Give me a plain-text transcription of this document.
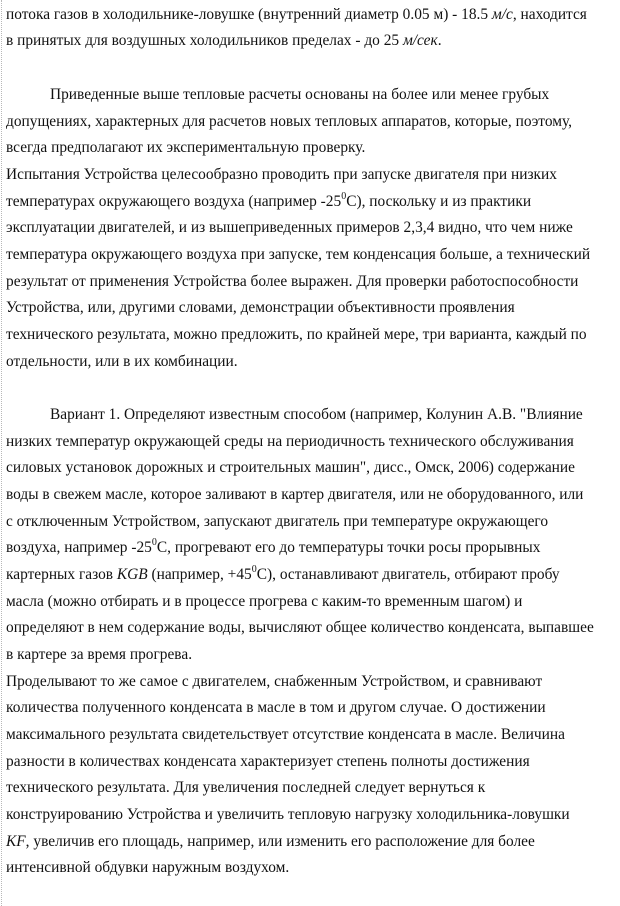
потока газов в холодильнике-ловушке (внутренний диаметр 0.05 м) - 18.5 м/с, находится
в принятых для воздушных холодильников пределах - до 25 м/сек.
Приведенные выше тепловые расчеты основаны на более или менее грубых
допущениях, характерных для расчетов новых тепловых аппаратов, которые, поэтому,
всегда предполагают их экспериментальную проверку.
Испытания Устройства целесообразно проводить при запуске двигателя при низких
температурах окружающего воздуха (например $-25^0С$), поскольку и из практики
эксплуатации двигателей, и из вышеприведенных примеров 2,3,4 видно, что чем ниже
температура окружающего воздуха при запуске, тем конденсация больше, а технический
результат от применения Устройства более выражен. Для проверки работоспособности
Устройства, или, другими словами, демонстрации объективности проявления
технического результата, можно предложить, по крайней мере, три варианта, каждый по
отдельности, или в их комбинации.
Вариант 1. Определяют известным способом (например, Колунин А.В. "Влияние
низких температур окружающей среды на периодичность технического обслуживания
силовых установок дорожных и строительных машин", дисс., Омск, 2006) содержание
воды в свежем масле, которое заливают в картер двигателя, или не оборудованного, или
с отключенным Устройством, запускают двигатель при температуре окружающего
воздуха, например $-25^0С$, прогревают его до температуры точки росы прорывных
картерных газов KGB (например, $+45^0С$), останавливают двигатель, отбирают пробу
масла (можно отбирать и в процессе прогрева с каким-то временным шагом) и
определяют в нем содержание воды, вычисляют общее количество конденсата, выпавшее
в картере за время прогрева.
Проделывают то же самое с двигателем, снабженным Устройством, и сравнивают
количества полученного конденсата в масле в том и другом случае. О достижении
максимального результата свидетельствует отсутствие конденсата в масле. Величина
разности в количествах конденсата характеризует степень полноты достижения
технического результата. Для увеличения последней следует вернуться к
конструированию Устройства и увеличить тепловую нагрузку холодильника-ловушки
KF, увеличив его площадь, например, или изменить его расположение для более
интенсивной обдувки наружным воздухом.
